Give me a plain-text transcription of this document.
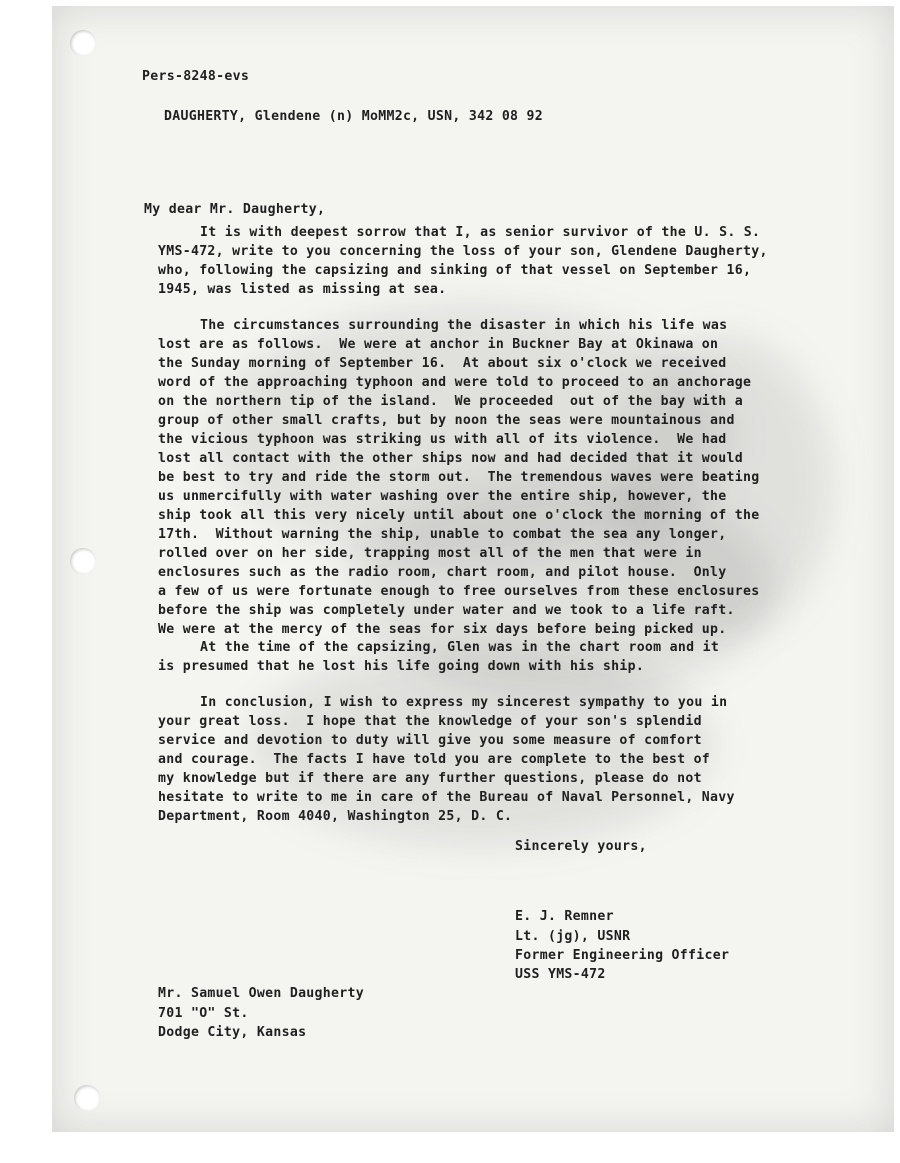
Pers-8248-evs
DAUGHERTY, Glendene (n) MoMM2c, USN, 342 08 92
My dear Mr. Daugherty,
It is with deepest sorrow that I, as senior survivor of the U. S. S.
YMS-472, write to you concerning the loss of your son, Glendene Daugherty,
who, following the capsizing and sinking of that vessel on September 16,
1945, was listed as missing at sea.
The circumstances surrounding the disaster in which his life was
lost are as follows.  We were at anchor in Buckner Bay at Okinawa on
the Sunday morning of September 16.  At about six o'clock we received
word of the approaching typhoon and were told to proceed to an anchorage
on the northern tip of the island.  We proceeded  out of the bay with a
group of other small crafts, but by noon the seas were mountainous and
the vicious typhoon was striking us with all of its violence.  We had
lost all contact with the other ships now and had decided that it would
be best to try and ride the storm out.  The tremendous waves were beating
us unmercifully with water washing over the entire ship, however, the
ship took all this very nicely until about one o'clock the morning of the
17th.  Without warning the ship, unable to combat the sea any longer,
rolled over on her side, trapping most all of the men that were in
enclosures such as the radio room, chart room, and pilot house.  Only
a few of us were fortunate enough to free ourselves from these enclosures
before the ship was completely under water and we took to a life raft.
We were at the mercy of the seas for six days before being picked up.
At the time of the capsizing, Glen was in the chart room and it
is presumed that he lost his life going down with his ship.
In conclusion, I wish to express my sincerest sympathy to you in
your great loss.  I hope that the knowledge of your son's splendid
service and devotion to duty will give you some measure of comfort
and courage.  The facts I have told you are complete to the best of
my knowledge but if there are any further questions, please do not
hesitate to write to me in care of the Bureau of Naval Personnel, Navy
Department, Room 4040, Washington 25, D. C.
Sincerely yours,
E. J. Remner
Lt. (jg), USNR
Former Engineering Officer
USS YMS-472
Mr. Samuel Owen Daugherty
701 "O" St.
Dodge City, Kansas
